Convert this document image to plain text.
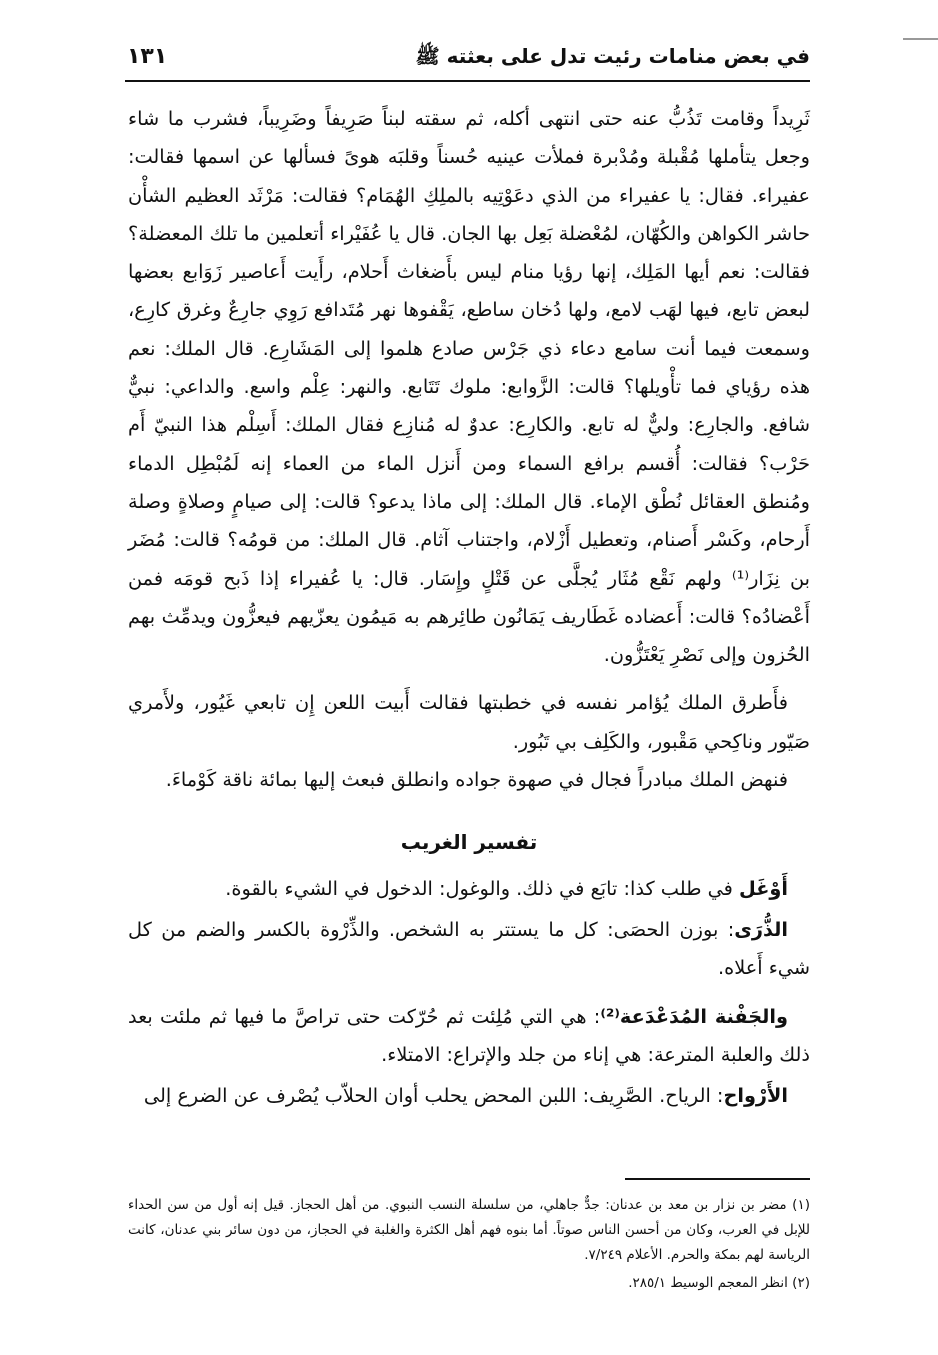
في بعض منامات رئيت تدل على بعثته ﷺ
١٣١

ثَرِيداً وقامت تَذُبُّ عنه حتى انتهى أكله، ثم سقته لبناً صَرِيفاً وضَرِيباً، فشرب ما شاء وجعل يتأملها مُقْبلة ومُدْبرة فملأت عينيه حُسناً وقلبَه هوىً فسألها عن اسمها فقالت: عفيراء. فقال: يا عفيراء من الذي دعَوْتِيه بالملِكِ الهُمَام؟ فقالت: مَرْثَد العظيم الشأْن حاشر الكواهن والكُهّان، لمُعْضلة بَعِل بها الجان. قال يا عُفَيْراء أتعلمين ما تلك المعضلة؟ فقالت: نعم أيها المَلِك، إنها رؤيا منام ليس بأَضغاث أَحلام، رأَيت أَعاصير زَوَابع بعضها لبعض تابع، فيها لهَب لامع، ولها دُخان ساطع، يَقْفوها نهر مُتَدافع رَوِي جارِعٌ وغرق كارِع، وسمعت فيما أنت سامع دعاء ذي جَرْس صادع هلموا إلى المَشَارِع. قال الملك: نعم هذه رؤياي فما تأْويلها؟ قالت: الزَّوابع: ملوك تَتَابع. والنهر: عِلْم واسع. والداعي: نبيٌّ شافع. والجارِع: وليٌّ له تابع. والكارِع: عدوٌ له مُنازِع فقال الملك: أَسِلْم هذا النبيّ أَم حَرْب؟ فقالت: أُقسم برافع السماء ومن أَنزل الماء من العماء إنه لَمُبْطِل الدماء ومُنطق العقائل نُطْق الإماء. قال الملك: إلى ماذا يدعو؟ قالت: إلى صيامٍ وصلاةٍ وصلة أَرحام، وكَسْر أَصنام، وتعطيل أَزْلام، واجتناب آثام. قال الملك: من قومُه؟ قالت: مُضَر بن نِزَار⁽¹⁾ ولهم نَقْع مُثَار يُجلَّى عن قَتْلٍ وإِسَار. قال: يا عُفيراء إذا ذَبح قومَه فمن أَعْضادُه؟ قالت: أَعضاده غَطَاريف يَمَانُون طائِرهم به مَيمُون يعزّيهم فيعزُّون ويدمِّث بهم الحُزون وإلى نَصْرِ يَعْتَزُّون.

فأَطرق الملك يُؤامر نفسه في خطبتها فقالت أَبيت اللعن إِن تابعي غَيُور، ولأَمري صَيّور وناكِحي مَقْبور، والكَلِف بي تَبُور.

فنهض الملك مبادراً فجال في صهوة جواده وانطلق فبعث إليها بمائة ناقة كَوْماءَ.

تفسير الغريب

أَوْغَل في طلب كذا: تابَع في ذلك. والوغول: الدخول في الشيء بالقوة.

الذُّرَى: بوزن الحصَى: كل ما يستتر به الشخص. والذِّرْوة بالكسر والضم من كل شيء أَعلاه.

والجَفْنة المُدَعْدَعة⁽²⁾: هي التي مُلِئت ثم حُرّكت حتى تراصَّ ما فيها ثم ملئت بعد ذلك والعلبة المترعة: هي إناء من جلد والإتراع: الامتلاء.

الأَرْواح: الرياح. الصَّرِيف: اللبن المحض يحلب أوان الحلاّب يُصْرف عن الضرع إلى

(١) مضر بن نزار بن معد بن عدنان: جدٌّ جاهلي، من سلسلة النسب النبوي. من أهل الحجاز. قيل إنه أول من سن الحداء للإبل في العرب، وكان من أحسن الناس صوتاً. أما بنوه فهم أهل الكثرة والغلبة في الحجاز، من دون سائر بني عدنان، كانت الرياسة لهم بمكة والحرم. الأعلام ٧/٢٤٩.

(٢) انظر المعجم الوسيط ٢٨٥/١.
